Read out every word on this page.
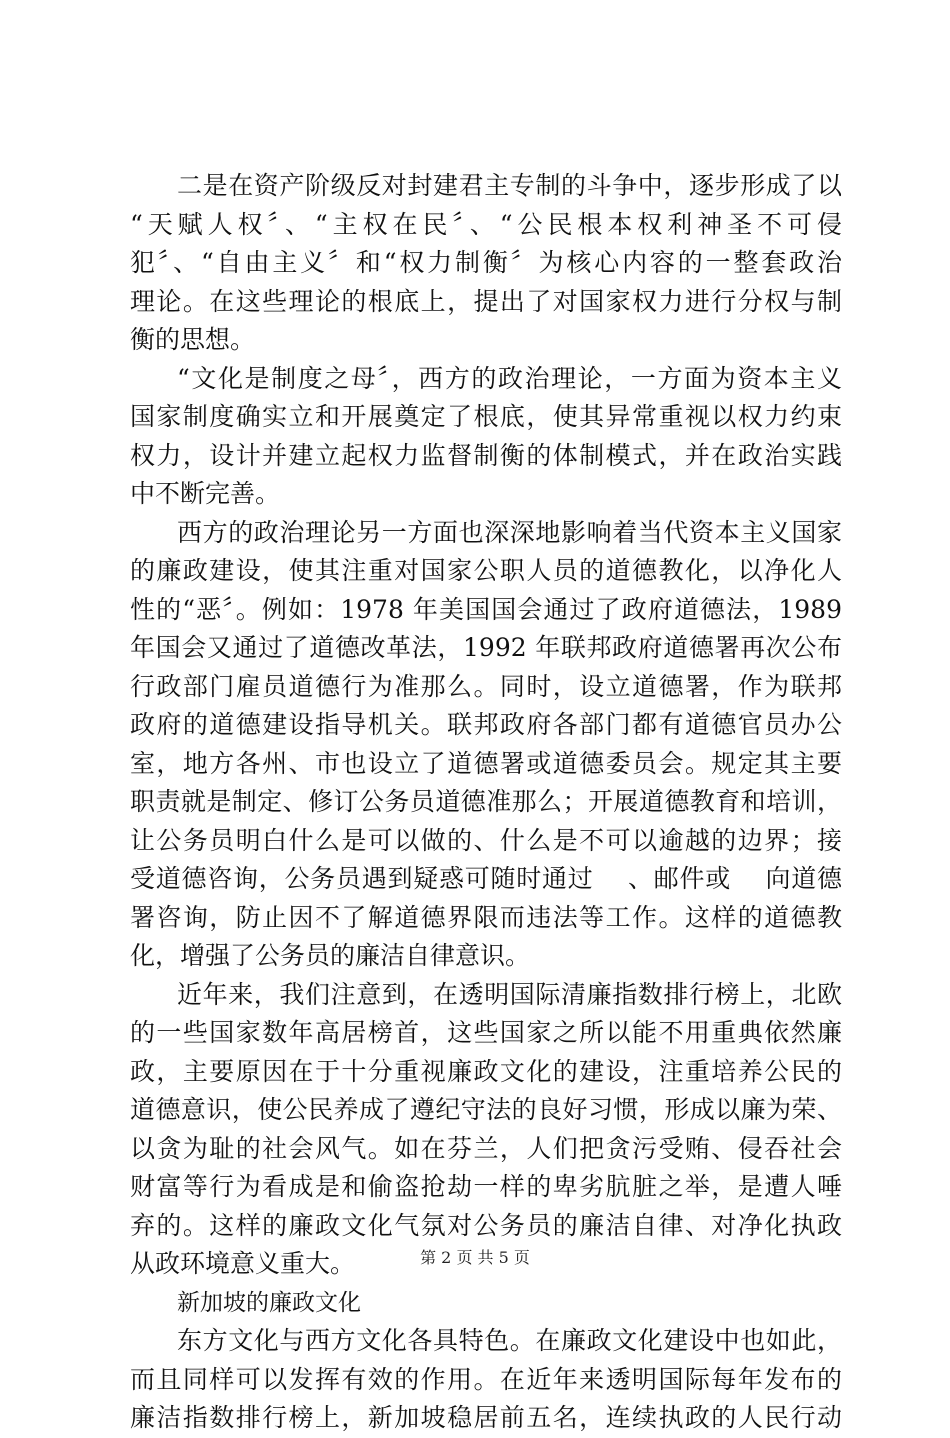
二是在资产阶级反对封建君主专制的斗争中，逐步形成了以
“天赋人权〞、“主权在民〞、“公民根本权利神圣不可侵
犯〞、“自由主义〞和“权力制衡〞为核心内容的一整套政治
理论。在这些理论的根底上，提出了对国家权力进行分权与制
衡的思想。
“文化是制度之母〞，西方的政治理论，一方面为资本主义
国家制度确实立和开展奠定了根底，使其异常重视以权力约束
权力，设计并建立起权力监督制衡的体制模式，并在政治实践
中不断完善。
西方的政治理论另一方面也深深地影响着当代资本主义国家
的廉政建设，使其注重对国家公职人员的道德教化，以净化人
性的“恶〞。例如：1978 年美国国会通过了政府道德法，1989
年国会又通过了道德改革法，1992 年联邦政府道德署再次公布
行政部门雇员道德行为准那么。同时，设立道德署，作为联邦
政府的道德建设指导机关。联邦政府各部门都有道德官员办公
室，地方各州、市也设立了道德署或道德委员会。规定其主要
职责就是制定、修订公务员道德准那么；开展道德教育和培训，
让公务员明白什么是可以做的、什么是不可以逾越的边界；接
受道德咨询，公务员遇到疑惑可随时通过　 、邮件或　 向道德
署咨询，防止因不了解道德界限而违法等工作。这样的道德教
化，增强了公务员的廉洁自律意识。
近年来，我们注意到，在透明国际清廉指数排行榜上，北欧
的一些国家数年高居榜首，这些国家之所以能不用重典依然廉
政，主要原因在于十分重视廉政文化的建设，注重培养公民的
道德意识，使公民养成了遵纪守法的良好习惯，形成以廉为荣、
以贪为耻的社会风气。如在芬兰，人们把贪污受贿、侵吞社会
财富等行为看成是和偷盗抢劫一样的卑劣肮脏之举，是遭人唾
弃的。这样的廉政文化气氛对公务员的廉洁自律、对净化执政
从政环境意义重大。
新加坡的廉政文化
东方文化与西方文化各具特色。在廉政文化建设中也如此，
而且同样可以发挥有效的作用。在近年来透明国际每年发布的
廉洁指数排行榜上，新加坡稳居前五名，连续执政的人民行动
第 2 页 共 5 页
